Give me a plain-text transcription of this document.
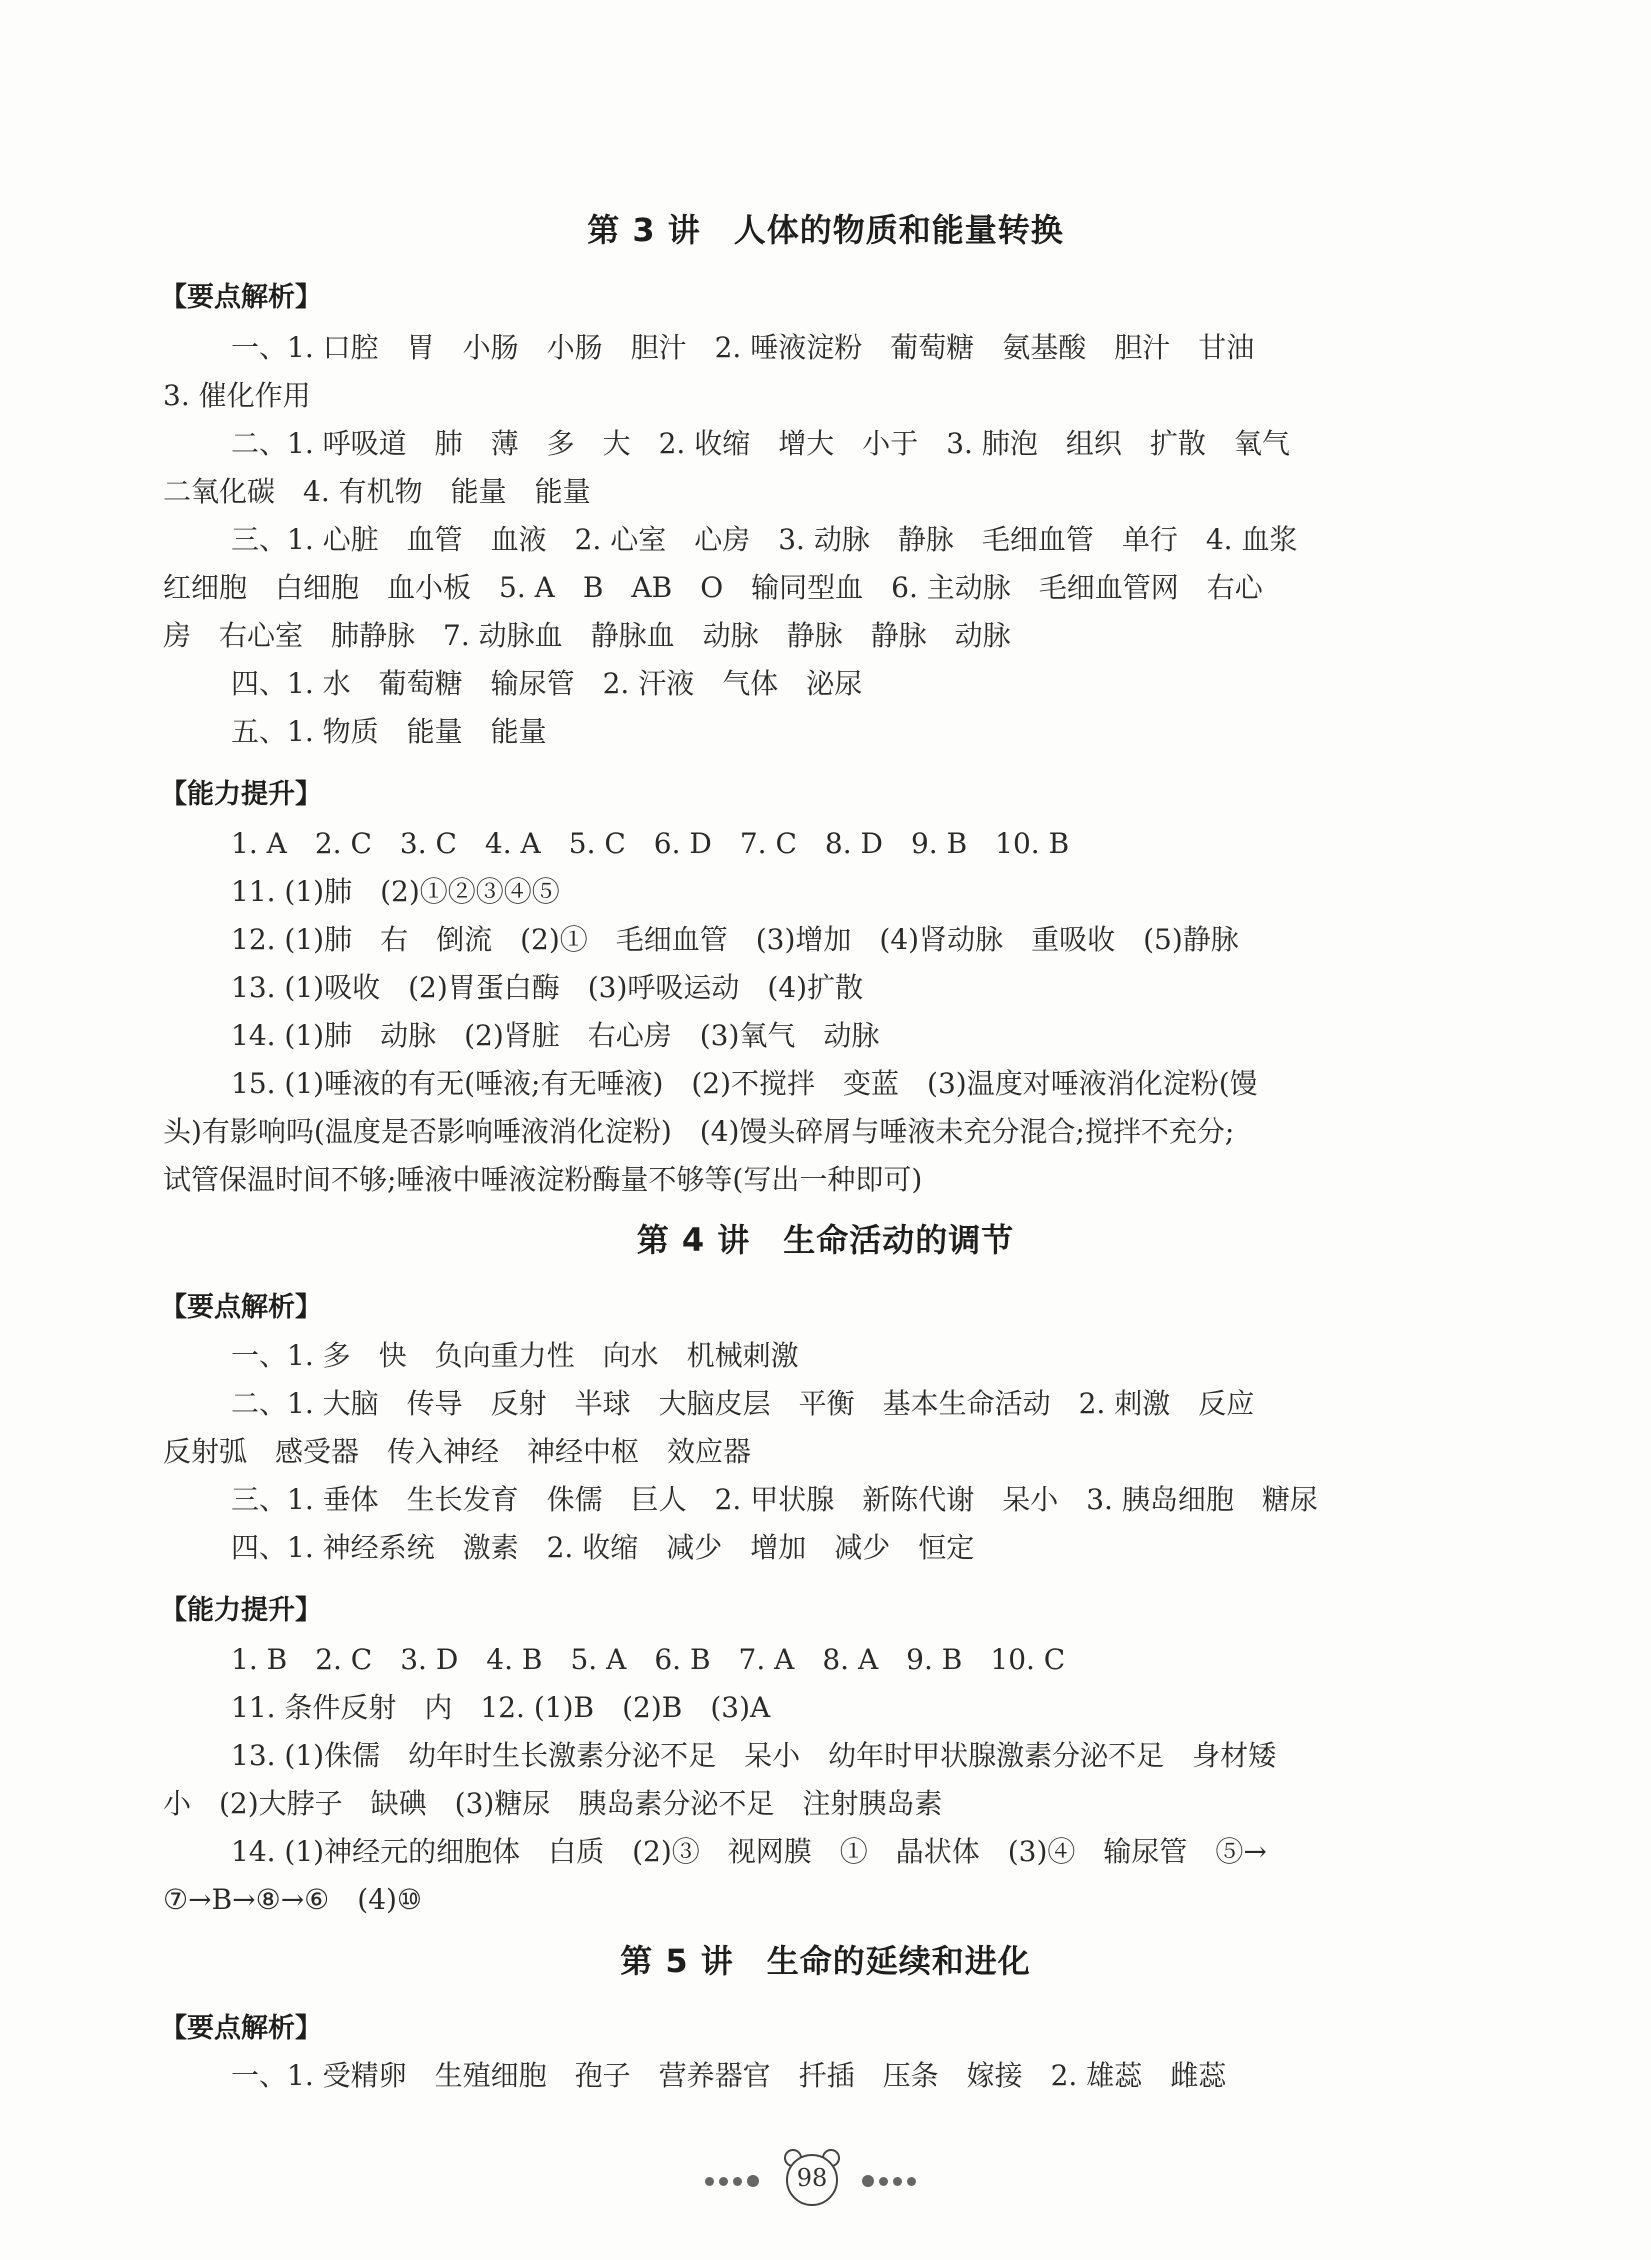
第 3 讲　人体的物质和能量转换
【要点解析】
一、1. 口腔　胃　小肠　小肠　胆汁　2. 唾液淀粉　葡萄糖　氨基酸　胆汁　甘油
3. 催化作用
二、1. 呼吸道　肺　薄　多　大　2. 收缩　增大　小于　3. 肺泡　组织　扩散　氧气
二氧化碳　4. 有机物　能量　能量
三、1. 心脏　血管　血液　2. 心室　心房　3. 动脉　静脉　毛细血管　单行　4. 血浆
红细胞　白细胞　血小板　5. A　B　AB　O　输同型血　6. 主动脉　毛细血管网　右心
房　右心室　肺静脉　7. 动脉血　静脉血　动脉　静脉　静脉　动脉
四、1. 水　葡萄糖　输尿管　2. 汗液　气体　泌尿
五、1. 物质　能量　能量
【能力提升】
1. A　2. C　3. C　4. A　5. C　6. D　7. C　8. D　9. B　10. B
11. (1)肺　(2)①②③④⑤
12. (1)肺　右　倒流　(2)①　毛细血管　(3)增加　(4)肾动脉　重吸收　(5)静脉
13. (1)吸收　(2)胃蛋白酶　(3)呼吸运动　(4)扩散
14. (1)肺　动脉　(2)肾脏　右心房　(3)氧气　动脉
15. (1)唾液的有无(唾液;有无唾液)　(2)不搅拌　变蓝　(3)温度对唾液消化淀粉(馒
头)有影响吗(温度是否影响唾液消化淀粉)　(4)馒头碎屑与唾液未充分混合;搅拌不充分;
试管保温时间不够;唾液中唾液淀粉酶量不够等(写出一种即可)
第 4 讲　生命活动的调节
【要点解析】
一、1. 多　快　负向重力性　向水　机械刺激
二、1. 大脑　传导　反射　半球　大脑皮层　平衡　基本生命活动　2. 刺激　反应
反射弧　感受器　传入神经　神经中枢　效应器
三、1. 垂体　生长发育　侏儒　巨人　2. 甲状腺　新陈代谢　呆小　3. 胰岛细胞　糖尿
四、1. 神经系统　激素　2. 收缩　减少　增加　减少　恒定
【能力提升】
1. B　2. C　3. D　4. B　5. A　6. B　7. A　8. A　9. B　10. C
11. 条件反射　内　12. (1)B　(2)B　(3)A
13. (1)侏儒　幼年时生长激素分泌不足　呆小　幼年时甲状腺激素分泌不足　身材矮
小　(2)大脖子　缺碘　(3)糖尿　胰岛素分泌不足　注射胰岛素
14. (1)神经元的细胞体　白质　(2)③　视网膜　①　晶状体　(3)④　输尿管　⑤→
⑦→B→⑧→⑥　(4)⑩
第 5 讲　生命的延续和进化
【要点解析】
一、1. 受精卵　生殖细胞　孢子　营养器官　扦插　压条　嫁接　2. 雄蕊　雌蕊
98
